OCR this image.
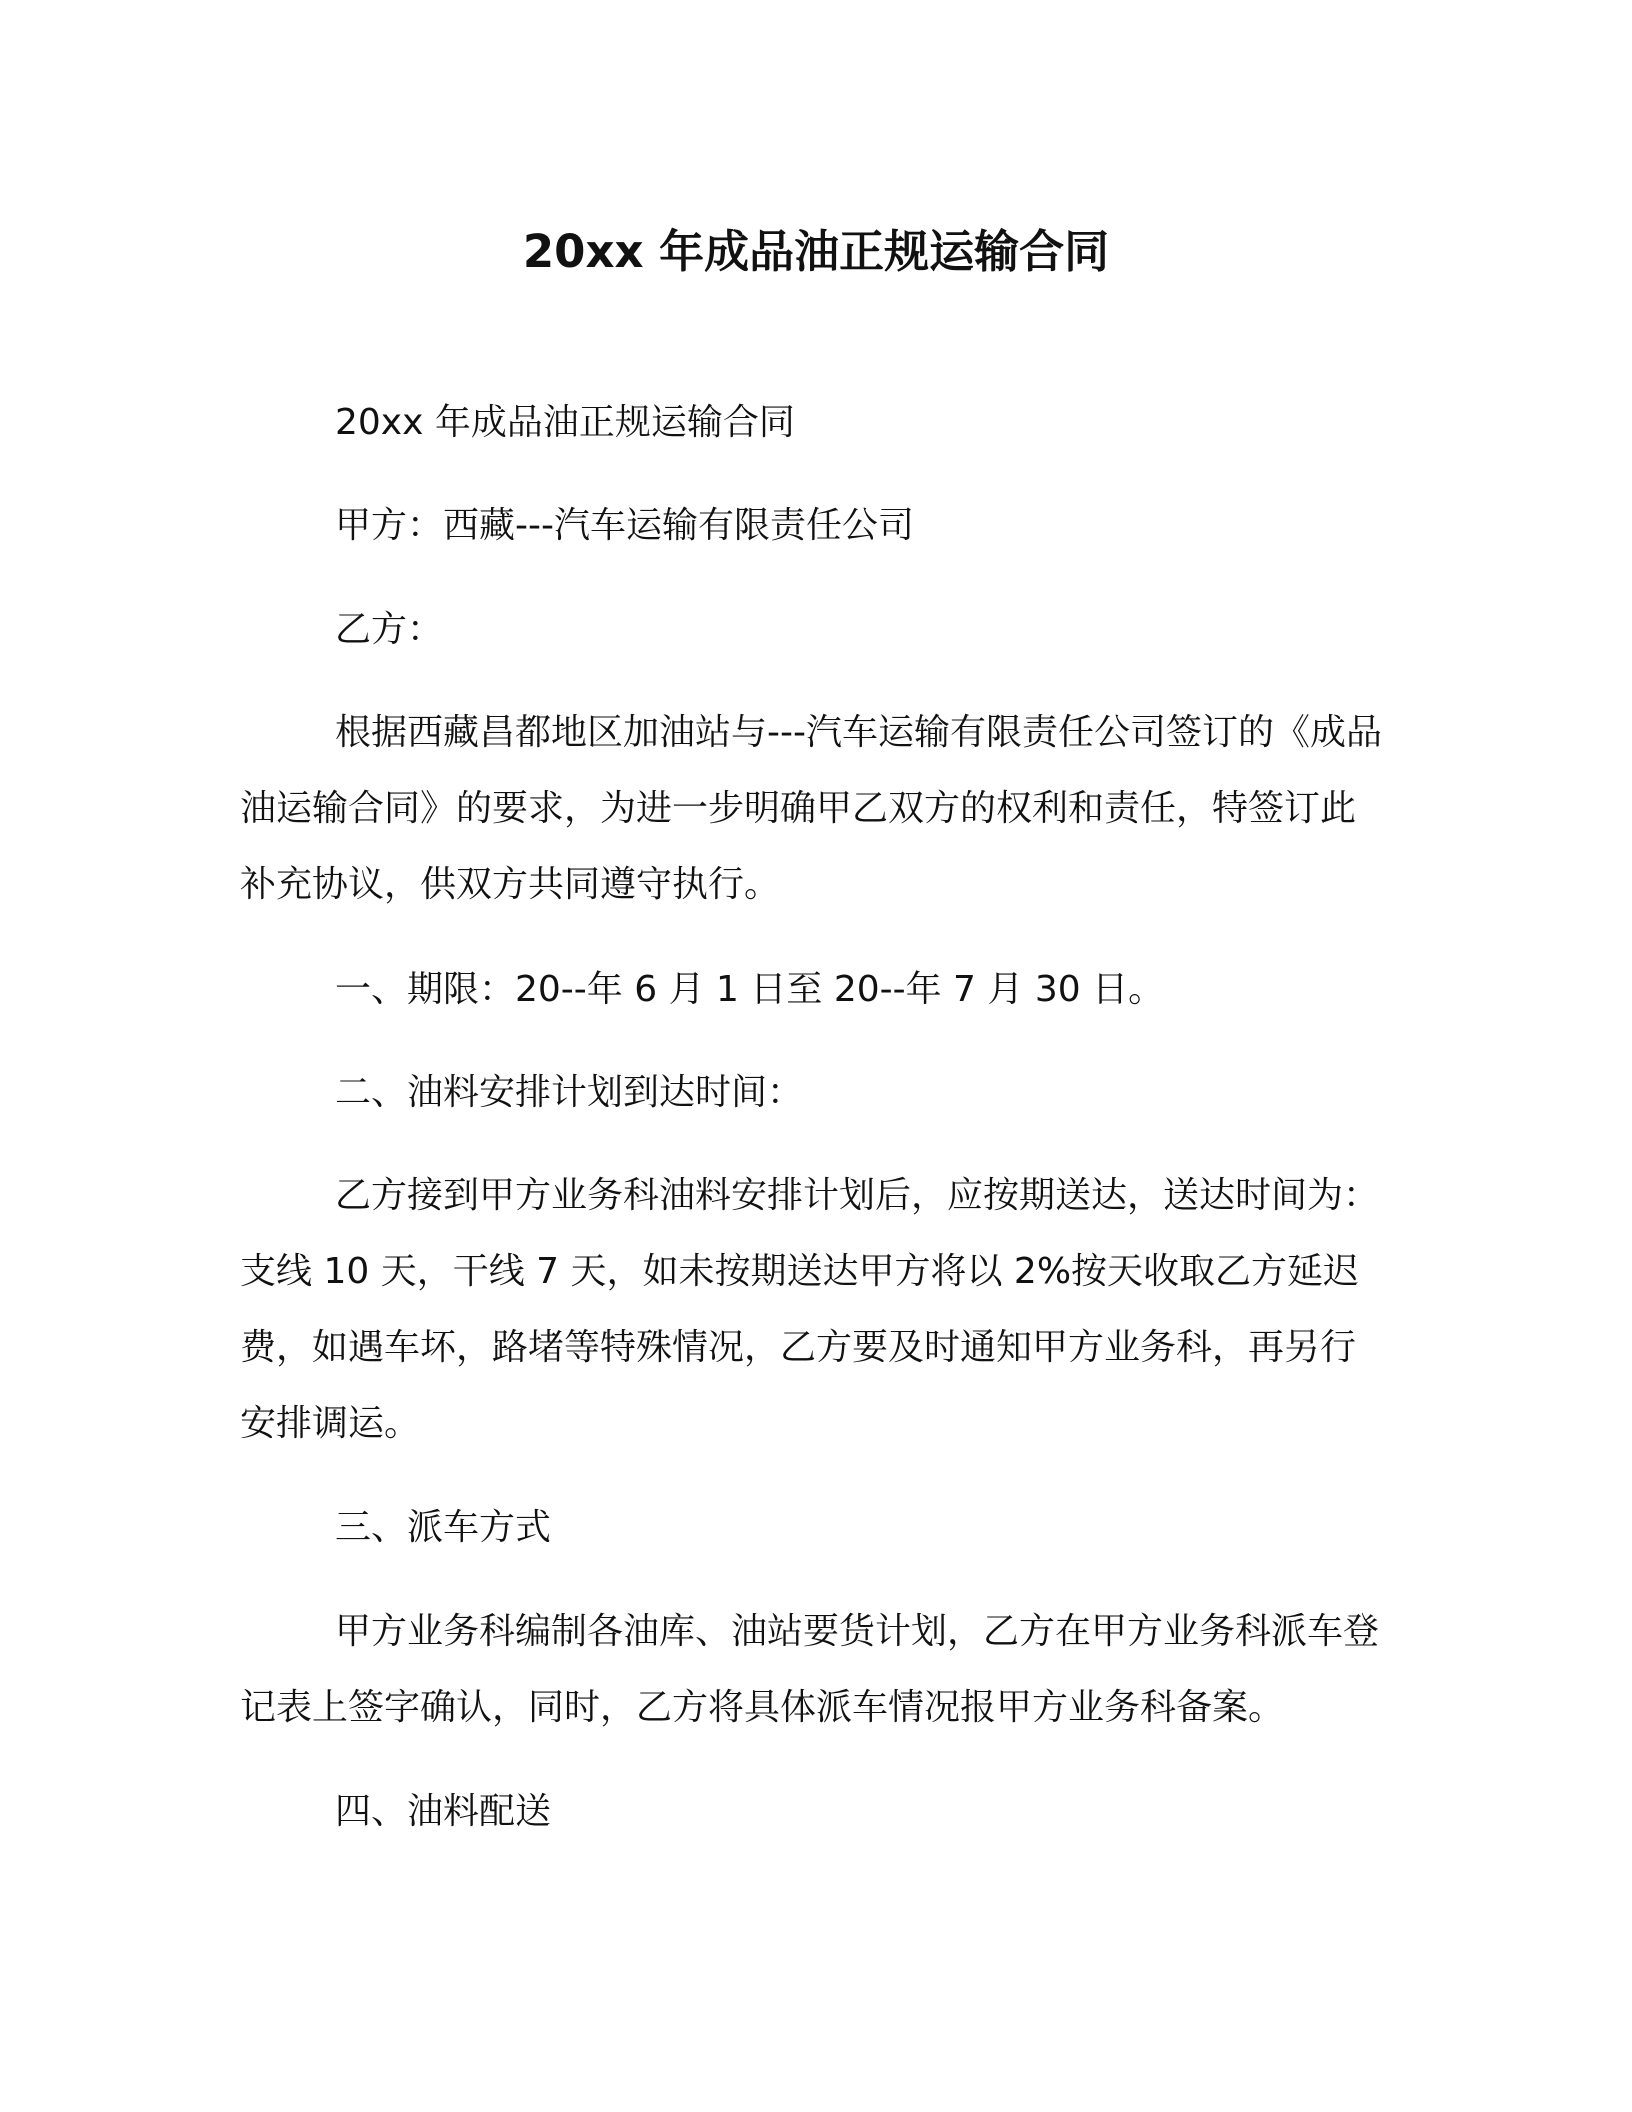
20xx 年成品油正规运输合同

20xx 年成品油正规运输合同

甲方：西藏---汽车运输有限责任公司

乙方：

根据西藏昌都地区加油站与---汽车运输有限责任公司签订的《成品油运输合同》的要求，为进一步明确甲乙双方的权利和责任，特签订此补充协议，供双方共同遵守执行。

一、期限：20--年 6 月 1 日至 20--年 7 月 30 日。

二、油料安排计划到达时间：

乙方接到甲方业务科油料安排计划后，应按期送达，送达时间为：支线 10 天，干线 7 天，如未按期送达甲方将以 2%按天收取乙方延迟费，如遇车坏，路堵等特殊情况，乙方要及时通知甲方业务科，再另行安排调运。

三、派车方式

甲方业务科编制各油库、油站要货计划，乙方在甲方业务科派车登记表上签字确认，同时，乙方将具体派车情况报甲方业务科备案。

四、油料配送
